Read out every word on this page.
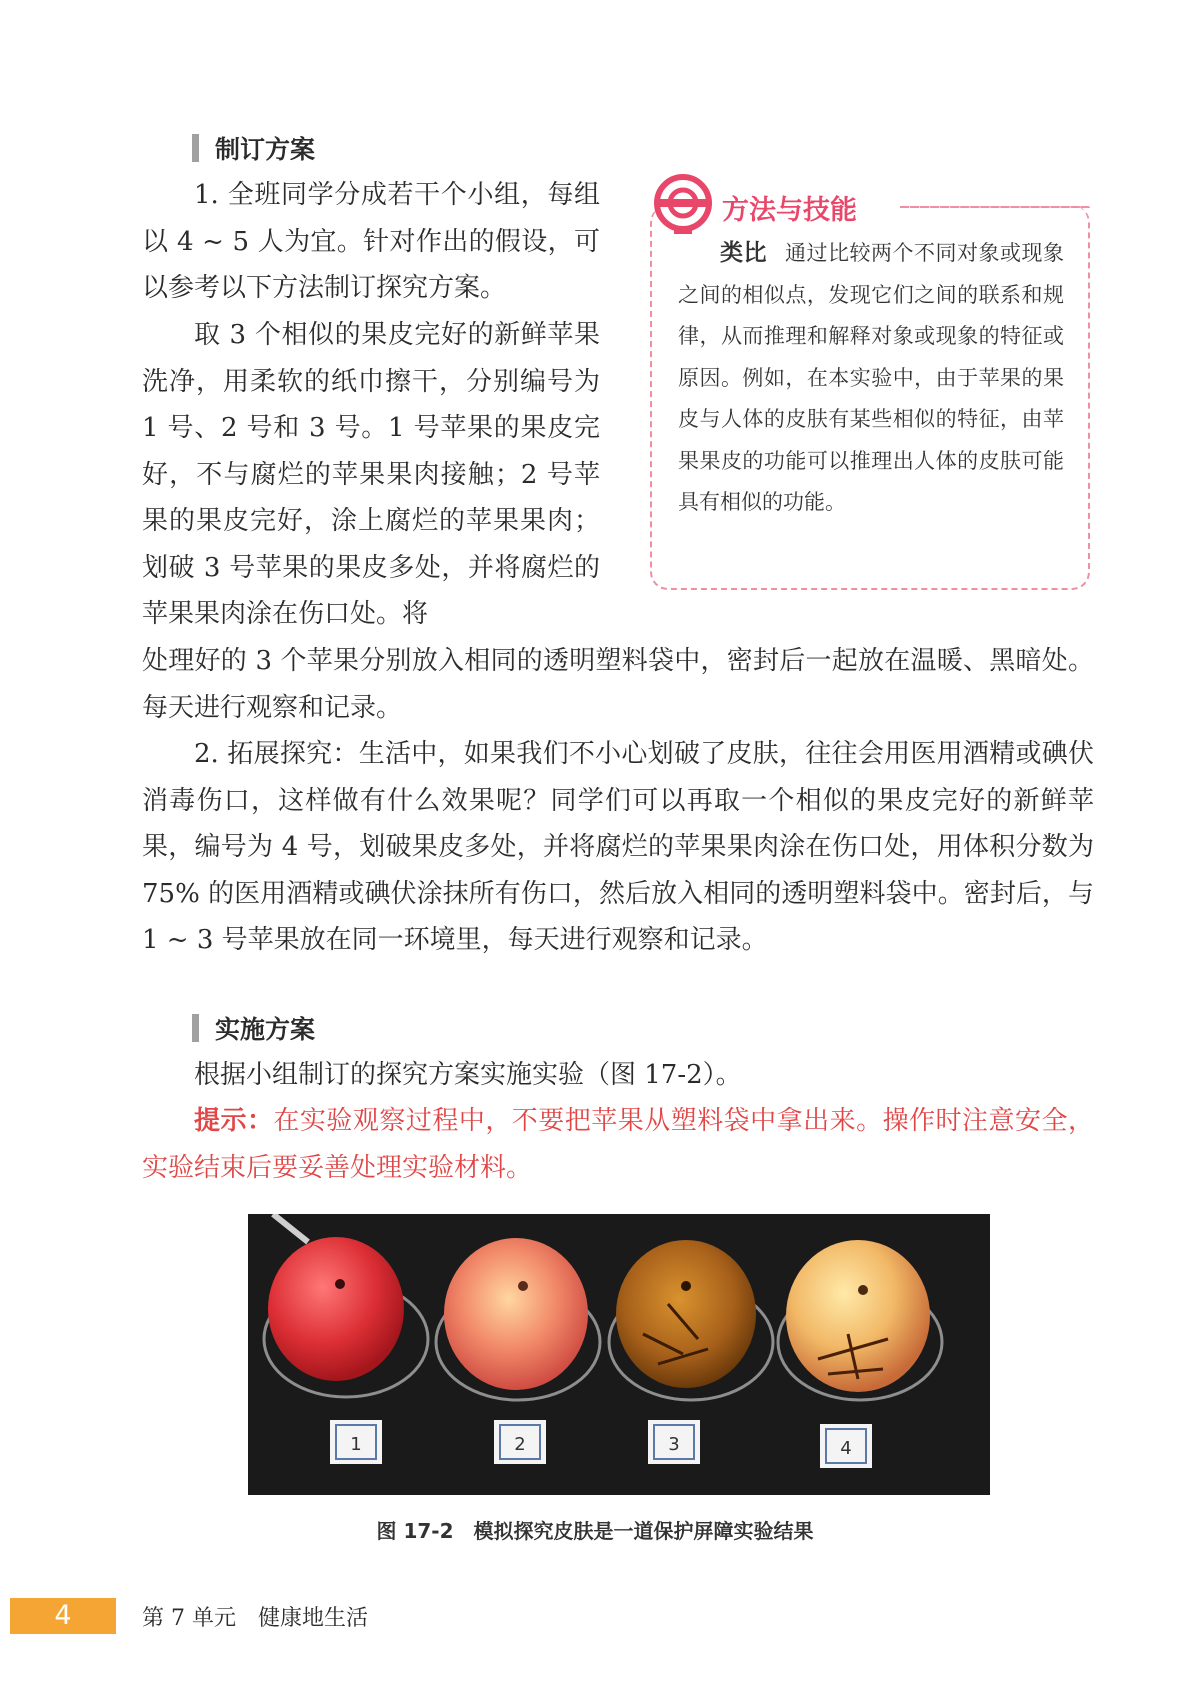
制订方案

1. 全班同学分成若干个小组，每组以 4 ~ 5 人为宜。针对作出的假设，可以参考以下方法制订探究方案。

取 3 个相似的果皮完好的新鲜苹果洗净，用柔软的纸巾擦干，分别编号为 1 号、2 号和 3 号。1 号苹果的果皮完好，不与腐烂的苹果果肉接触；2 号苹果的果皮完好，涂上腐烂的苹果果肉；划破 3 号苹果的果皮多处，并将腐烂的苹果果肉涂在伤口处。将

处理好的 3 个苹果分别放入相同的透明塑料袋中，密封后一起放在温暖、黑暗处。每天进行观察和记录。

2. 拓展探究：生活中，如果我们不小心划破了皮肤，往往会用医用酒精或碘伏消毒伤口，这样做有什么效果呢？同学们可以再取一个相似的果皮完好的新鲜苹果，编号为 4 号，划破果皮多处，并将腐烂的苹果果肉涂在伤口处，用体积分数为 75% 的医用酒精或碘伏涂抹所有伤口，然后放入相同的透明塑料袋中。密封后，与 1 ~ 3 号苹果放在同一环境里，每天进行观察和记录。

方法与技能

类比 通过比较两个不同对象或现象之间的相似点，发现它们之间的联系和规律，从而推理和解释对象或现象的特征或原因。例如，在本实验中，由于苹果的果皮与人体的皮肤有某些相似的特征，由苹果果皮的功能可以推理出人体的皮肤可能具有相似的功能。

实施方案

根据小组制订的探究方案实施实验（图 17-2）。

提示：在实验观察过程中，不要把苹果从塑料袋中拿出来。操作时注意安全，实验结束后要妥善处理实验材料。

1	2	3	4
图 17-2　模拟探究皮肤是一道保护屏障实验结果
4	第 7 单元　健康地生活
